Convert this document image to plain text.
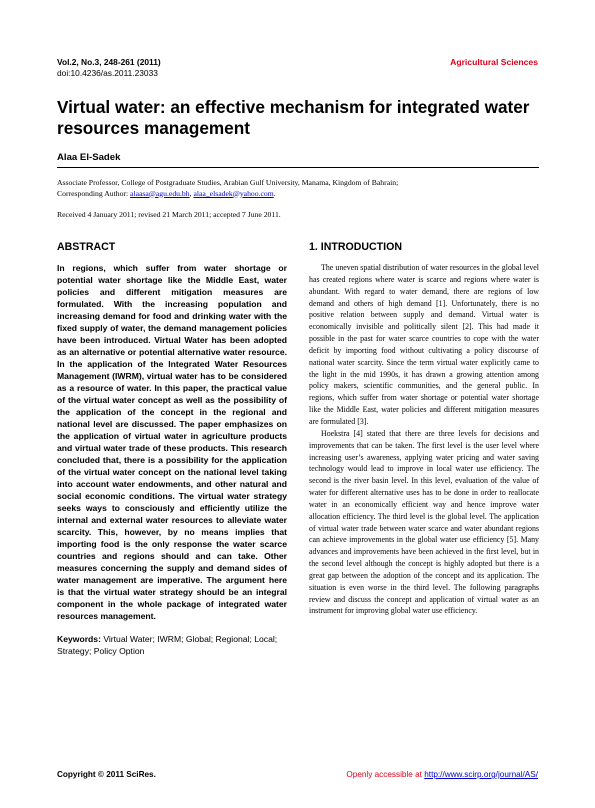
Vol.2, No.3, 248-261 (2011)
doi:10.4236/as.2011.23033
Agricultural Sciences
Virtual water: an effective mechanism for integrated water resources management
Alaa El-Sadek
Associate Professor, College of Postgraduate Studies, Arabian Gulf University, Manama, Kingdom of Bahrain;
Corresponding Author: alaasa@agu.edu.bh, alaa_elsadek@yahoo.com.
Received 4 January 2011; revised 21 March 2011; accepted 7 June 2011.
ABSTRACT

In regions, which suffer from water shortage or potential water shortage like the Middle East, water policies and different mitigation measures are formulated. With the increasing population and increasing demand for food and drinking water with the fixed supply of water, the demand management policies have been introduced. Virtual Water has been adopted as an alternative or potential alternative water resource. In the application of the Integrated Water Resources Management (IWRM), virtual water has to be considered as a resource of water. In this paper, the practical value of the virtual water concept as well as the possibility of the application of the concept in the regional and national level are discussed. The paper emphasizes on the application of virtual water in agriculture products and virtual water trade of these products. This research concluded that, there is a possibility for the application of the virtual water concept on the national level taking into account water endowments, and other natural and social economic conditions. The virtual water strategy seeks ways to consciously and efficiently utilize the internal and external water resources to alleviate water scarcity. This, however, by no means implies that importing food is the only response the water scarce countries and regions should and can take. Other measures concerning the supply and demand sides of water management are imperative. The argument here is that the virtual water strategy should be an integral component in the whole package of integrated water resources management.

Keywords: Virtual Water; IWRM; Global; Regional; Local; Strategy; Policy Option

1. INTRODUCTION

The uneven spatial distribution of water resources in the global level has created regions where water is scarce and regions where water is abundant. With regard to water demand, there are regions of low demand and others of high demand [1]. Unfortunately, there is no positive relation between supply and demand. Virtual water is economically invisible and politically silent [2]. This had made it possible in the past for water scarce countries to cope with the water deficit by importing food without cultivating a policy discourse of national water scarcity. Since the term virtual water explicitly came to the light in the mid 1990s, it has drawn a growing attention among policy makers, scientific communities, and the general public. In regions, which suffer from water shortage or potential water shortage like the Middle East, water policies and different mitigation measures are formulated [3].

Hoekstra [4] stated that there are three levels for decisions and improvements that can be taken. The first level is the user level where increasing user’s awareness, applying water pricing and water saving technology would lead to improve in local water use efficiency. The second is the river basin level. In this level, evaluation of the value of water for different alternative uses has to be done in order to reallocate water in an economically efficient way and hence improve water allocation efficiency. The third level is the global level. The application of virtual water trade between water scarce and water abundant regions can achieve improvements in the global water use efficiency [5]. Many advances and improvements have been achieved in the first level, but in the second level although the concept is highly adopted but there is a great gap between the adoption of the concept and its application. The situation is even worse in the third level. The following paragraphs review and discuss the concept and application of virtual water as an instrument for improving global water use efficiency.

Copyright © 2011 SciRes.	Openly accessible at http://www.scirp.org/journal/AS/
